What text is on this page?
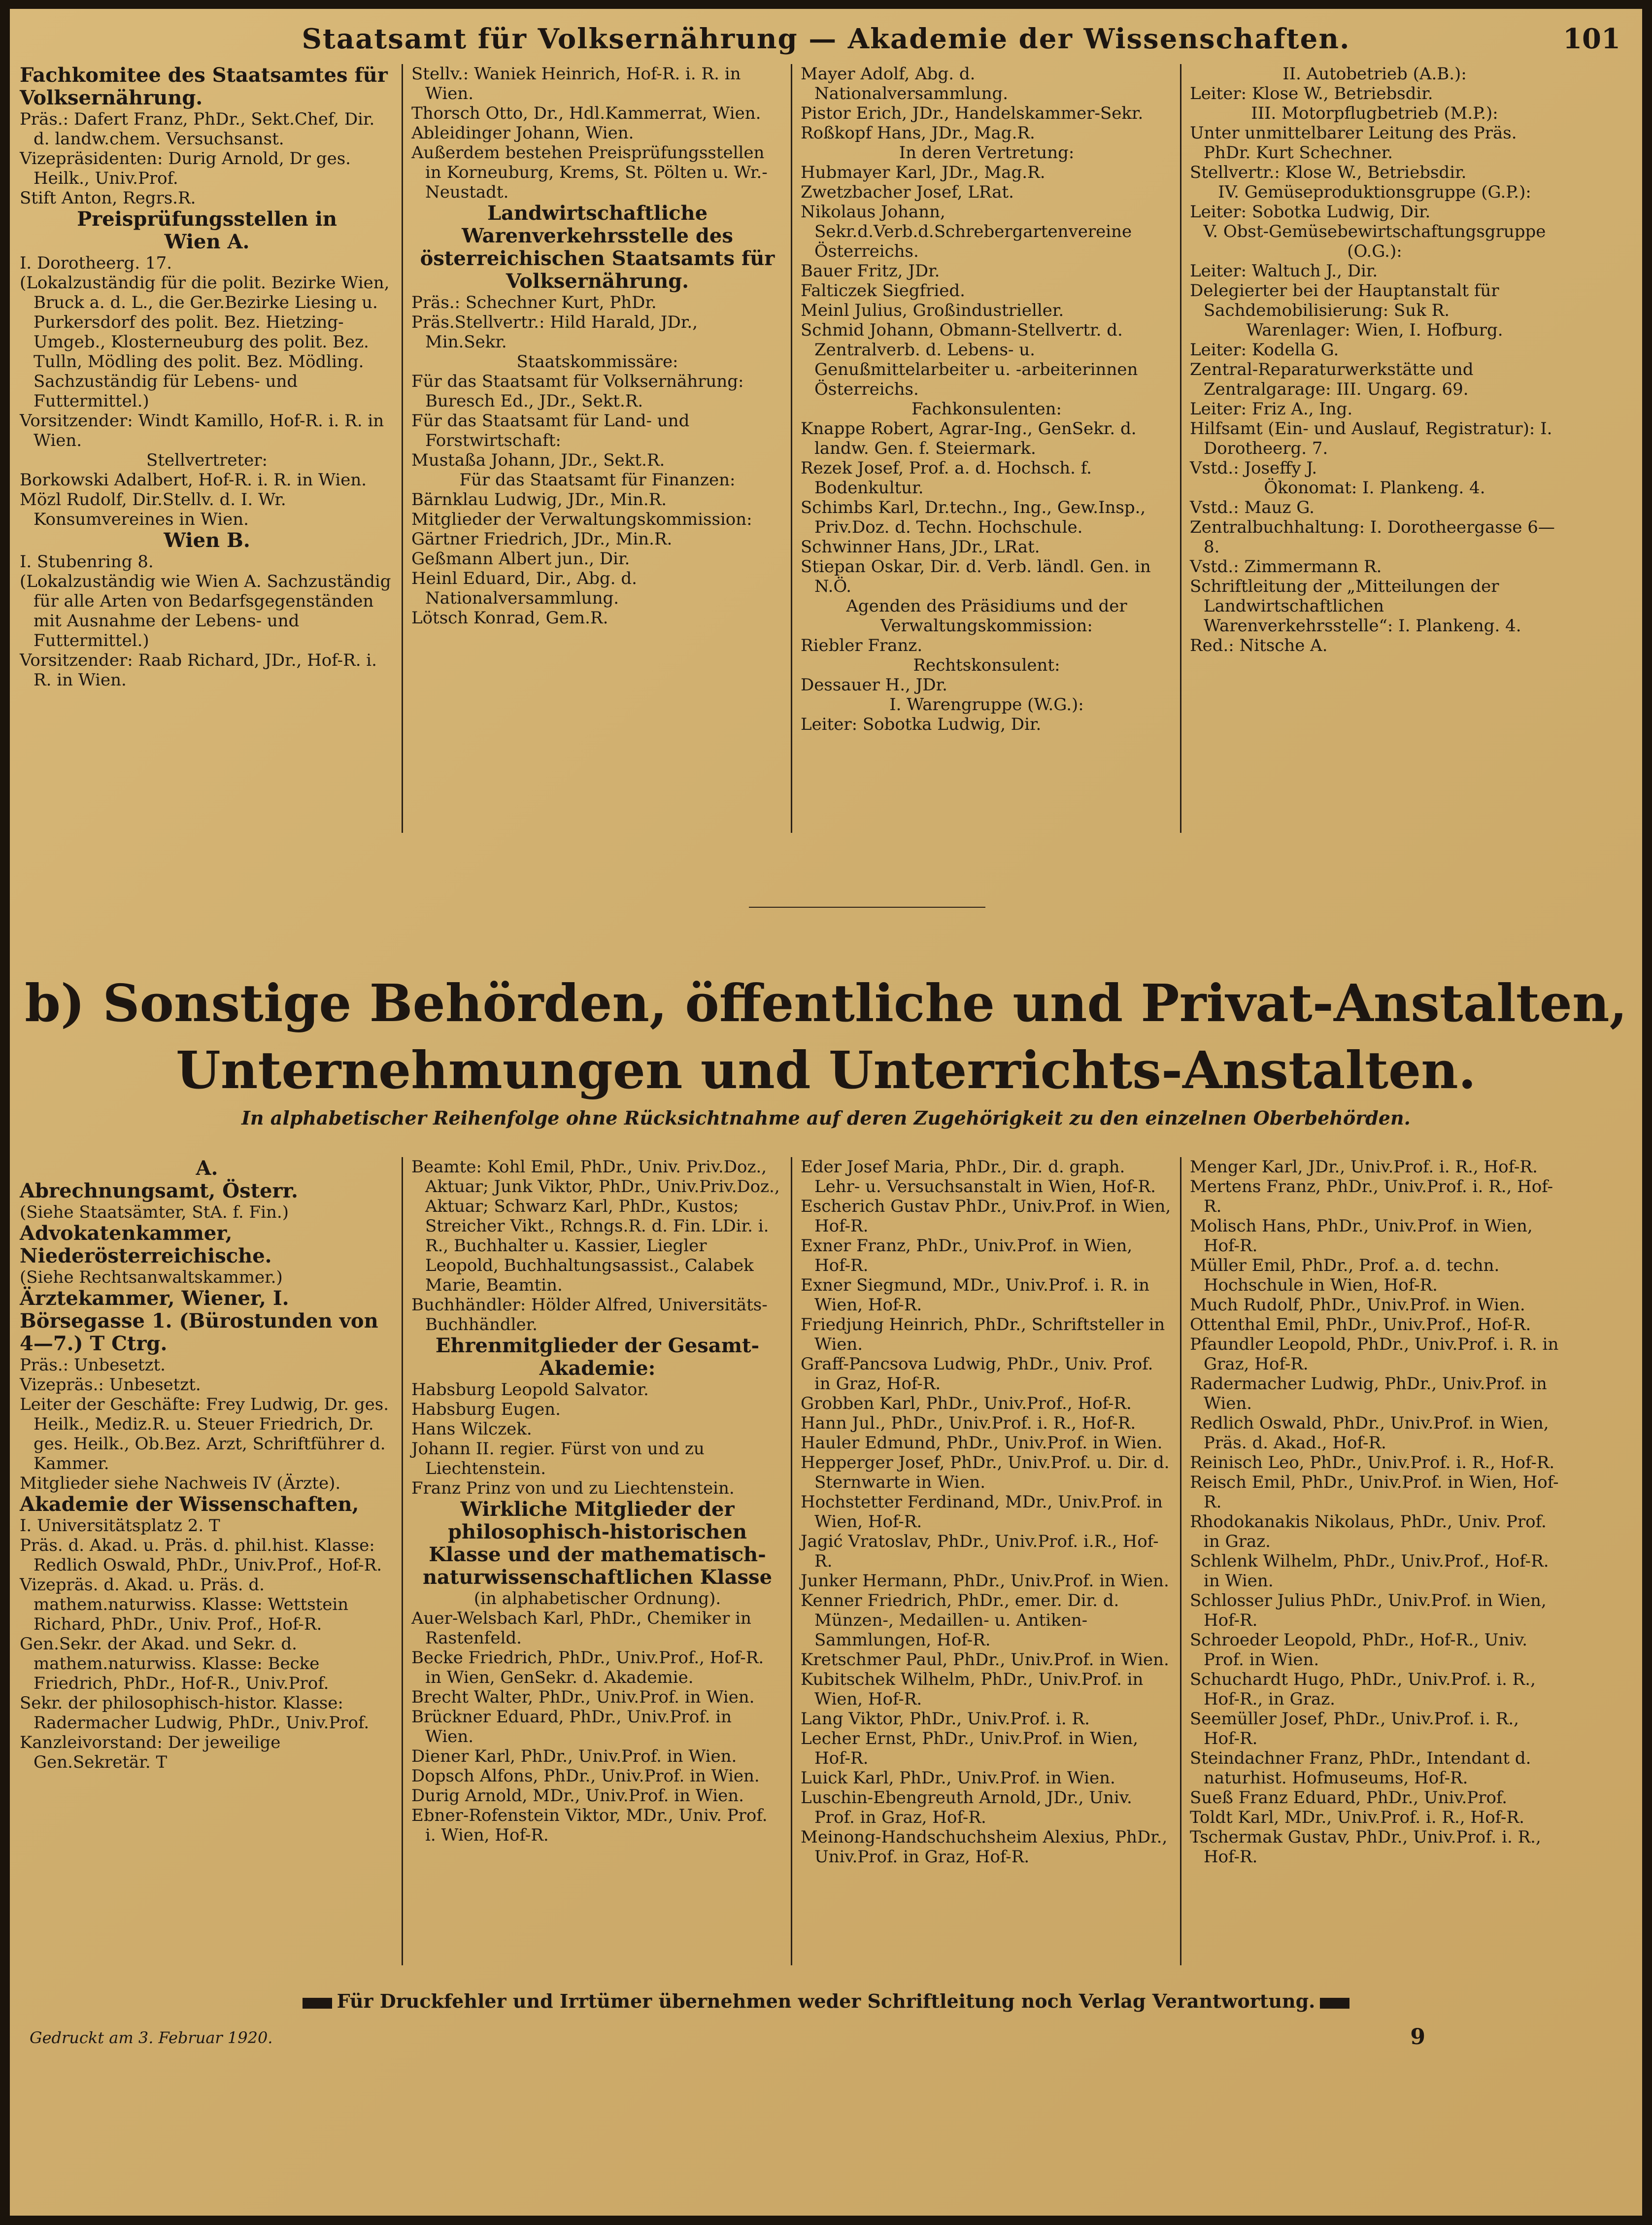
Staatsamt für Volksernährung — Akademie der Wissenschaften.	101

Fachkomitee des Staatsamtes für Volksernährung.

Präs.: Dafert Franz, PhDr., Sekt.Chef, Dir. d. landw.chem. Versuchsanst.

Vizepräsidenten: Durig Arnold, Dr ges. Heilk., Univ.Prof.

Stift Anton, Regrs.R.

Preisprüfungsstellen in

Wien A.

I. Dorotheerg. 17.

(Lokalzuständig für die polit. Bezirke Wien, Bruck a. d. L., die Ger.Bezirke Liesing u. Purkersdorf des polit. Bez. Hietzing-Umgeb., Klosterneuburg des polit. Bez. Tulln, Mödling des polit. Bez. Mödling. Sachzuständig für Lebens- und Futtermittel.)

Vorsitzender: Windt Kamillo, Hof-R. i. R. in Wien.

Stellvertreter:

Borkowski Adalbert, Hof-R. i. R. in Wien.

Mözl Rudolf, Dir.Stellv. d. I. Wr. Konsumvereines in Wien.

Wien B.

I. Stubenring 8.

(Lokalzuständig wie Wien A. Sachzuständig für alle Arten von Bedarfsgegenständen mit Ausnahme der Lebens- und Futtermittel.)

Vorsitzender: Raab Richard, JDr., Hof-R. i. R. in Wien.

Stellv.: Waniek Heinrich, Hof-R. i. R. in Wien.

Thorsch Otto, Dr., Hdl.Kammerrat, Wien.

Ableidinger Johann, Wien.

Außerdem bestehen Preisprüfungsstellen in Korneuburg, Krems, St. Pölten u. Wr.-Neustadt.

Landwirtschaftliche Warenverkehrsstelle des österreichischen Staatsamts für Volksernährung.

Präs.: Schechner Kurt, PhDr.

Präs.Stellvertr.: Hild Harald, JDr., Min.Sekr.

Staatskommissäre:

Für das Staatsamt für Volksernährung: Buresch Ed., JDr., Sekt.R.

Für das Staatsamt für Land- und Forstwirtschaft:

Mustaßa Johann, JDr., Sekt.R.

Für das Staatsamt für Finanzen:

Bärnklau Ludwig, JDr., Min.R.

Mitglieder der Verwaltungskommission:

Gärtner Friedrich, JDr., Min.R.

Geßmann Albert jun., Dir.

Heinl Eduard, Dir., Abg. d. Nationalversammlung.

Lötsch Konrad, Gem.R.

Mayer Adolf, Abg. d. Nationalversammlung.

Pistor Erich, JDr., Handelskammer-Sekr.

Roßkopf Hans, JDr., Mag.R.

In deren Vertretung:

Hubmayer Karl, JDr., Mag.R.

Zwetzbacher Josef, LRat.

Nikolaus Johann, Sekr.d.Verb.d.Schrebergartenvereine Österreichs.

Bauer Fritz, JDr.

Falticzek Siegfried.

Meinl Julius, Großindustrieller.

Schmid Johann, Obmann-Stellvertr. d. Zentralverb. d. Lebens- u. Genußmittelarbeiter u. -arbeiterinnen Österreichs.

Fachkonsulenten:

Knappe Robert, Agrar-Ing., GenSekr. d. landw. Gen. f. Steiermark.

Rezek Josef, Prof. a. d. Hochsch. f. Bodenkultur.

Schimbs Karl, Dr.techn., Ing., Gew.Insp., Priv.Doz. d. Techn. Hochschule.

Schwinner Hans, JDr., LRat.

Stiepan Oskar, Dir. d. Verb. ländl. Gen. in N.Ö.

Agenden des Präsidiums und der Verwaltungskommission:

Riebler Franz.

Rechtskonsulent:

Dessauer H., JDr.

I. Warengruppe (W.G.):

Leiter: Sobotka Ludwig, Dir.

II. Autobetrieb (A.B.):

Leiter: Klose W., Betriebsdir.

III. Motorpflugbetrieb (M.P.):

Unter unmittelbarer Leitung des Präs. PhDr. Kurt Schechner.

Stellvertr.: Klose W., Betriebsdir.

IV. Gemüseproduktionsgruppe (G.P.):

Leiter: Sobotka Ludwig, Dir.

V. Obst-Gemüsebewirtschaftungsgruppe (O.G.):

Leiter: Waltuch J., Dir.

Delegierter bei der Hauptanstalt für Sachdemobilisierung: Suk R.

Warenlager: Wien, I. Hofburg.

Leiter: Kodella G.

Zentral-Reparaturwerkstätte und Zentralgarage: III. Ungarg. 69.

Leiter: Friz A., Ing.

Hilfsamt (Ein- und Auslauf, Registratur): I. Dorotheerg. 7.

Vstd.: Joseffy J.

Ökonomat: I. Plankeng. 4.

Vstd.: Mauz G.

Zentralbuchhaltung: I. Dorotheergasse 6—8.

Vstd.: Zimmermann R.

Schriftleitung der „Mitteilungen der Landwirtschaftlichen Warenverkehrsstelle“: I. Plankeng. 4.

Red.: Nitsche A.

b) Sonstige Behörden, öffentliche und Privat-Anstalten, Unternehmungen und Unterrichts-Anstalten.
In alphabetischer Reihenfolge ohne Rücksichtnahme auf deren Zugehörigkeit zu den einzelnen Oberbehörden.

A.

Abrechnungsamt, Österr.

(Siehe Staatsämter, StA. f. Fin.)

Advokatenkammer, Niederösterreichische.

(Siehe Rechtsanwaltskammer.)

Ärztekammer, Wiener, I. Börsegasse 1. (Bürostunden von 4—7.) T Ctrg.

Präs.: Unbesetzt.

Vizepräs.: Unbesetzt.

Leiter der Geschäfte: Frey Ludwig, Dr. ges. Heilk., Mediz.R. u. Steuer Friedrich, Dr. ges. Heilk., Ob.Bez. Arzt, Schriftführer d. Kammer.

Mitglieder siehe Nachweis IV (Ärzte).

Akademie der Wissenschaften,

I. Universitätsplatz 2. T

Präs. d. Akad. u. Präs. d. phil.hist. Klasse: Redlich Oswald, PhDr., Univ.Prof., Hof-R.

Vizepräs. d. Akad. u. Präs. d. mathem.naturwiss. Klasse: Wettstein Richard, PhDr., Univ. Prof., Hof-R.

Gen.Sekr. der Akad. und Sekr. d. mathem.naturwiss. Klasse: Becke Friedrich, PhDr., Hof-R., Univ.Prof.

Sekr. der philosophisch-histor. Klasse: Radermacher Ludwig, PhDr., Univ.Prof.

Kanzleivorstand: Der jeweilige Gen.Sekretär. T

Beamte: Kohl Emil, PhDr., Univ. Priv.Doz., Aktuar; Junk Viktor, PhDr., Univ.Priv.Doz., Aktuar; Schwarz Karl, PhDr., Kustos; Streicher Vikt., Rchngs.R. d. Fin. LDir. i. R., Buchhalter u. Kassier, Liegler Leopold, Buchhaltungsassist., Calabek Marie, Beamtin.

Buchhändler: Hölder Alfred, Universitäts-Buchhändler.

Ehrenmitglieder der Gesamt-Akademie:

Habsburg Leopold Salvator.

Habsburg Eugen.

Hans Wilczek.

Johann II. regier. Fürst von und zu Liechtenstein.

Franz Prinz von und zu Liechtenstein.

Wirkliche Mitglieder der philosophisch-historischen Klasse und der mathematisch-naturwissenschaftlichen Klasse

(in alphabetischer Ordnung).

Auer-Welsbach Karl, PhDr., Chemiker in Rastenfeld.

Becke Friedrich, PhDr., Univ.Prof., Hof-R. in Wien, GenSekr. d. Akademie.

Brecht Walter, PhDr., Univ.Prof. in Wien.

Brückner Eduard, PhDr., Univ.Prof. in Wien.

Diener Karl, PhDr., Univ.Prof. in Wien.

Dopsch Alfons, PhDr., Univ.Prof. in Wien.

Durig Arnold, MDr., Univ.Prof. in Wien.

Ebner-Rofenstein Viktor, MDr., Univ. Prof. i. Wien, Hof-R.

Eder Josef Maria, PhDr., Dir. d. graph. Lehr- u. Versuchsanstalt in Wien, Hof-R.

Escherich Gustav PhDr., Univ.Prof. in Wien, Hof-R.

Exner Franz, PhDr., Univ.Prof. in Wien, Hof-R.

Exner Siegmund, MDr., Univ.Prof. i. R. in Wien, Hof-R.

Friedjung Heinrich, PhDr., Schriftsteller in Wien.

Graff-Pancsova Ludwig, PhDr., Univ. Prof. in Graz, Hof-R.

Grobben Karl, PhDr., Univ.Prof., Hof-R.

Hann Jul., PhDr., Univ.Prof. i. R., Hof-R.

Hauler Edmund, PhDr., Univ.Prof. in Wien.

Hepperger Josef, PhDr., Univ.Prof. u. Dir. d. Sternwarte in Wien.

Hochstetter Ferdinand, MDr., Univ.Prof. in Wien, Hof-R.

Jagić Vratoslav, PhDr., Univ.Prof. i.R., Hof-R.

Junker Hermann, PhDr., Univ.Prof. in Wien.

Kenner Friedrich, PhDr., emer. Dir. d. Münzen-, Medaillen- u. Antiken-Sammlungen, Hof-R.

Kretschmer Paul, PhDr., Univ.Prof. in Wien.

Kubitschek Wilhelm, PhDr., Univ.Prof. in Wien, Hof-R.

Lang Viktor, PhDr., Univ.Prof. i. R.

Lecher Ernst, PhDr., Univ.Prof. in Wien, Hof-R.

Luick Karl, PhDr., Univ.Prof. in Wien.

Luschin-Ebengreuth Arnold, JDr., Univ. Prof. in Graz, Hof-R.

Meinong-Handschuchsheim Alexius, PhDr., Univ.Prof. in Graz, Hof-R.

Menger Karl, JDr., Univ.Prof. i. R., Hof-R.

Mertens Franz, PhDr., Univ.Prof. i. R., Hof-R.

Molisch Hans, PhDr., Univ.Prof. in Wien, Hof-R.

Müller Emil, PhDr., Prof. a. d. techn. Hochschule in Wien, Hof-R.

Much Rudolf, PhDr., Univ.Prof. in Wien.

Ottenthal Emil, PhDr., Univ.Prof., Hof-R.

Pfaundler Leopold, PhDr., Univ.Prof. i. R. in Graz, Hof-R.

Radermacher Ludwig, PhDr., Univ.Prof. in Wien.

Redlich Oswald, PhDr., Univ.Prof. in Wien, Präs. d. Akad., Hof-R.

Reinisch Leo, PhDr., Univ.Prof. i. R., Hof-R.

Reisch Emil, PhDr., Univ.Prof. in Wien, Hof-R.

Rhodokanakis Nikolaus, PhDr., Univ. Prof. in Graz.

Schlenk Wilhelm, PhDr., Univ.Prof., Hof-R. in Wien.

Schlosser Julius PhDr., Univ.Prof. in Wien, Hof-R.

Schroeder Leopold, PhDr., Hof-R., Univ. Prof. in Wien.

Schuchardt Hugo, PhDr., Univ.Prof. i. R., Hof-R., in Graz.

Seemüller Josef, PhDr., Univ.Prof. i. R., Hof-R.

Steindachner Franz, PhDr., Intendant d. naturhist. Hofmuseums, Hof-R.

Sueß Franz Eduard, PhDr., Univ.Prof.

Toldt Karl, MDr., Univ.Prof. i. R., Hof-R.

Tschermak Gustav, PhDr., Univ.Prof. i. R., Hof-R.

Für Druckfehler und Irrtümer übernehmen weder Schriftleitung noch Verlag Verantwortung.
Gedruckt am 3. Februar 1920.	9
